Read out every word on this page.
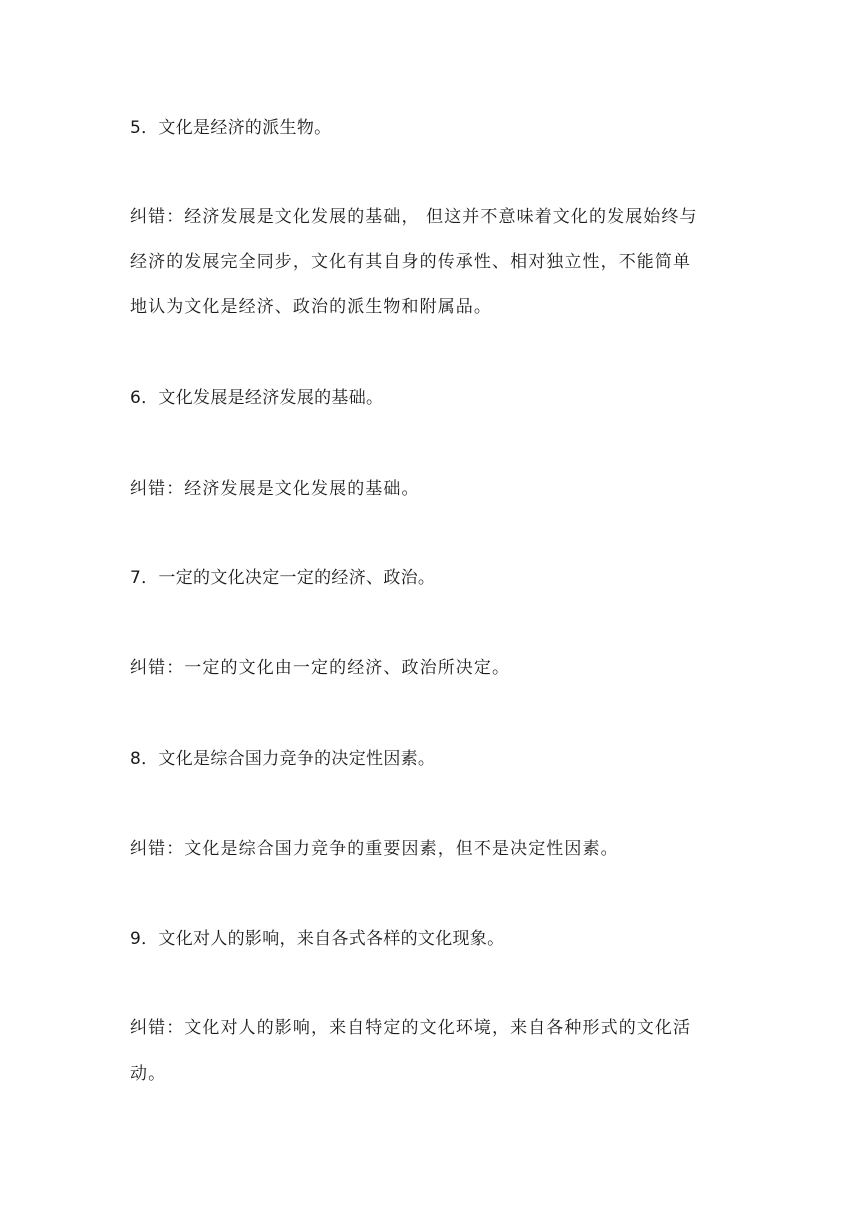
5．文化是经济的派生物。
纠错：经济发展是文化发展的基础， 但这并不意味着文化的发展始终与
经济的发展完全同步，文化有其自身的传承性、相对独立性，不能简单
地认为文化是经济、政治的派生物和附属品。
6．文化发展是经济发展的基础。
纠错：经济发展是文化发展的基础。
7．一定的文化决定一定的经济、政治。
纠错：一定的文化由一定的经济、政治所决定。
8．文化是综合国力竞争的决定性因素。
纠错：文化是综合国力竞争的重要因素，但不是决定性因素。
9．文化对人的影响，来自各式各样的文化现象。
纠错：文化对人的影响，来自特定的文化环境，来自各种形式的文化活
动。
